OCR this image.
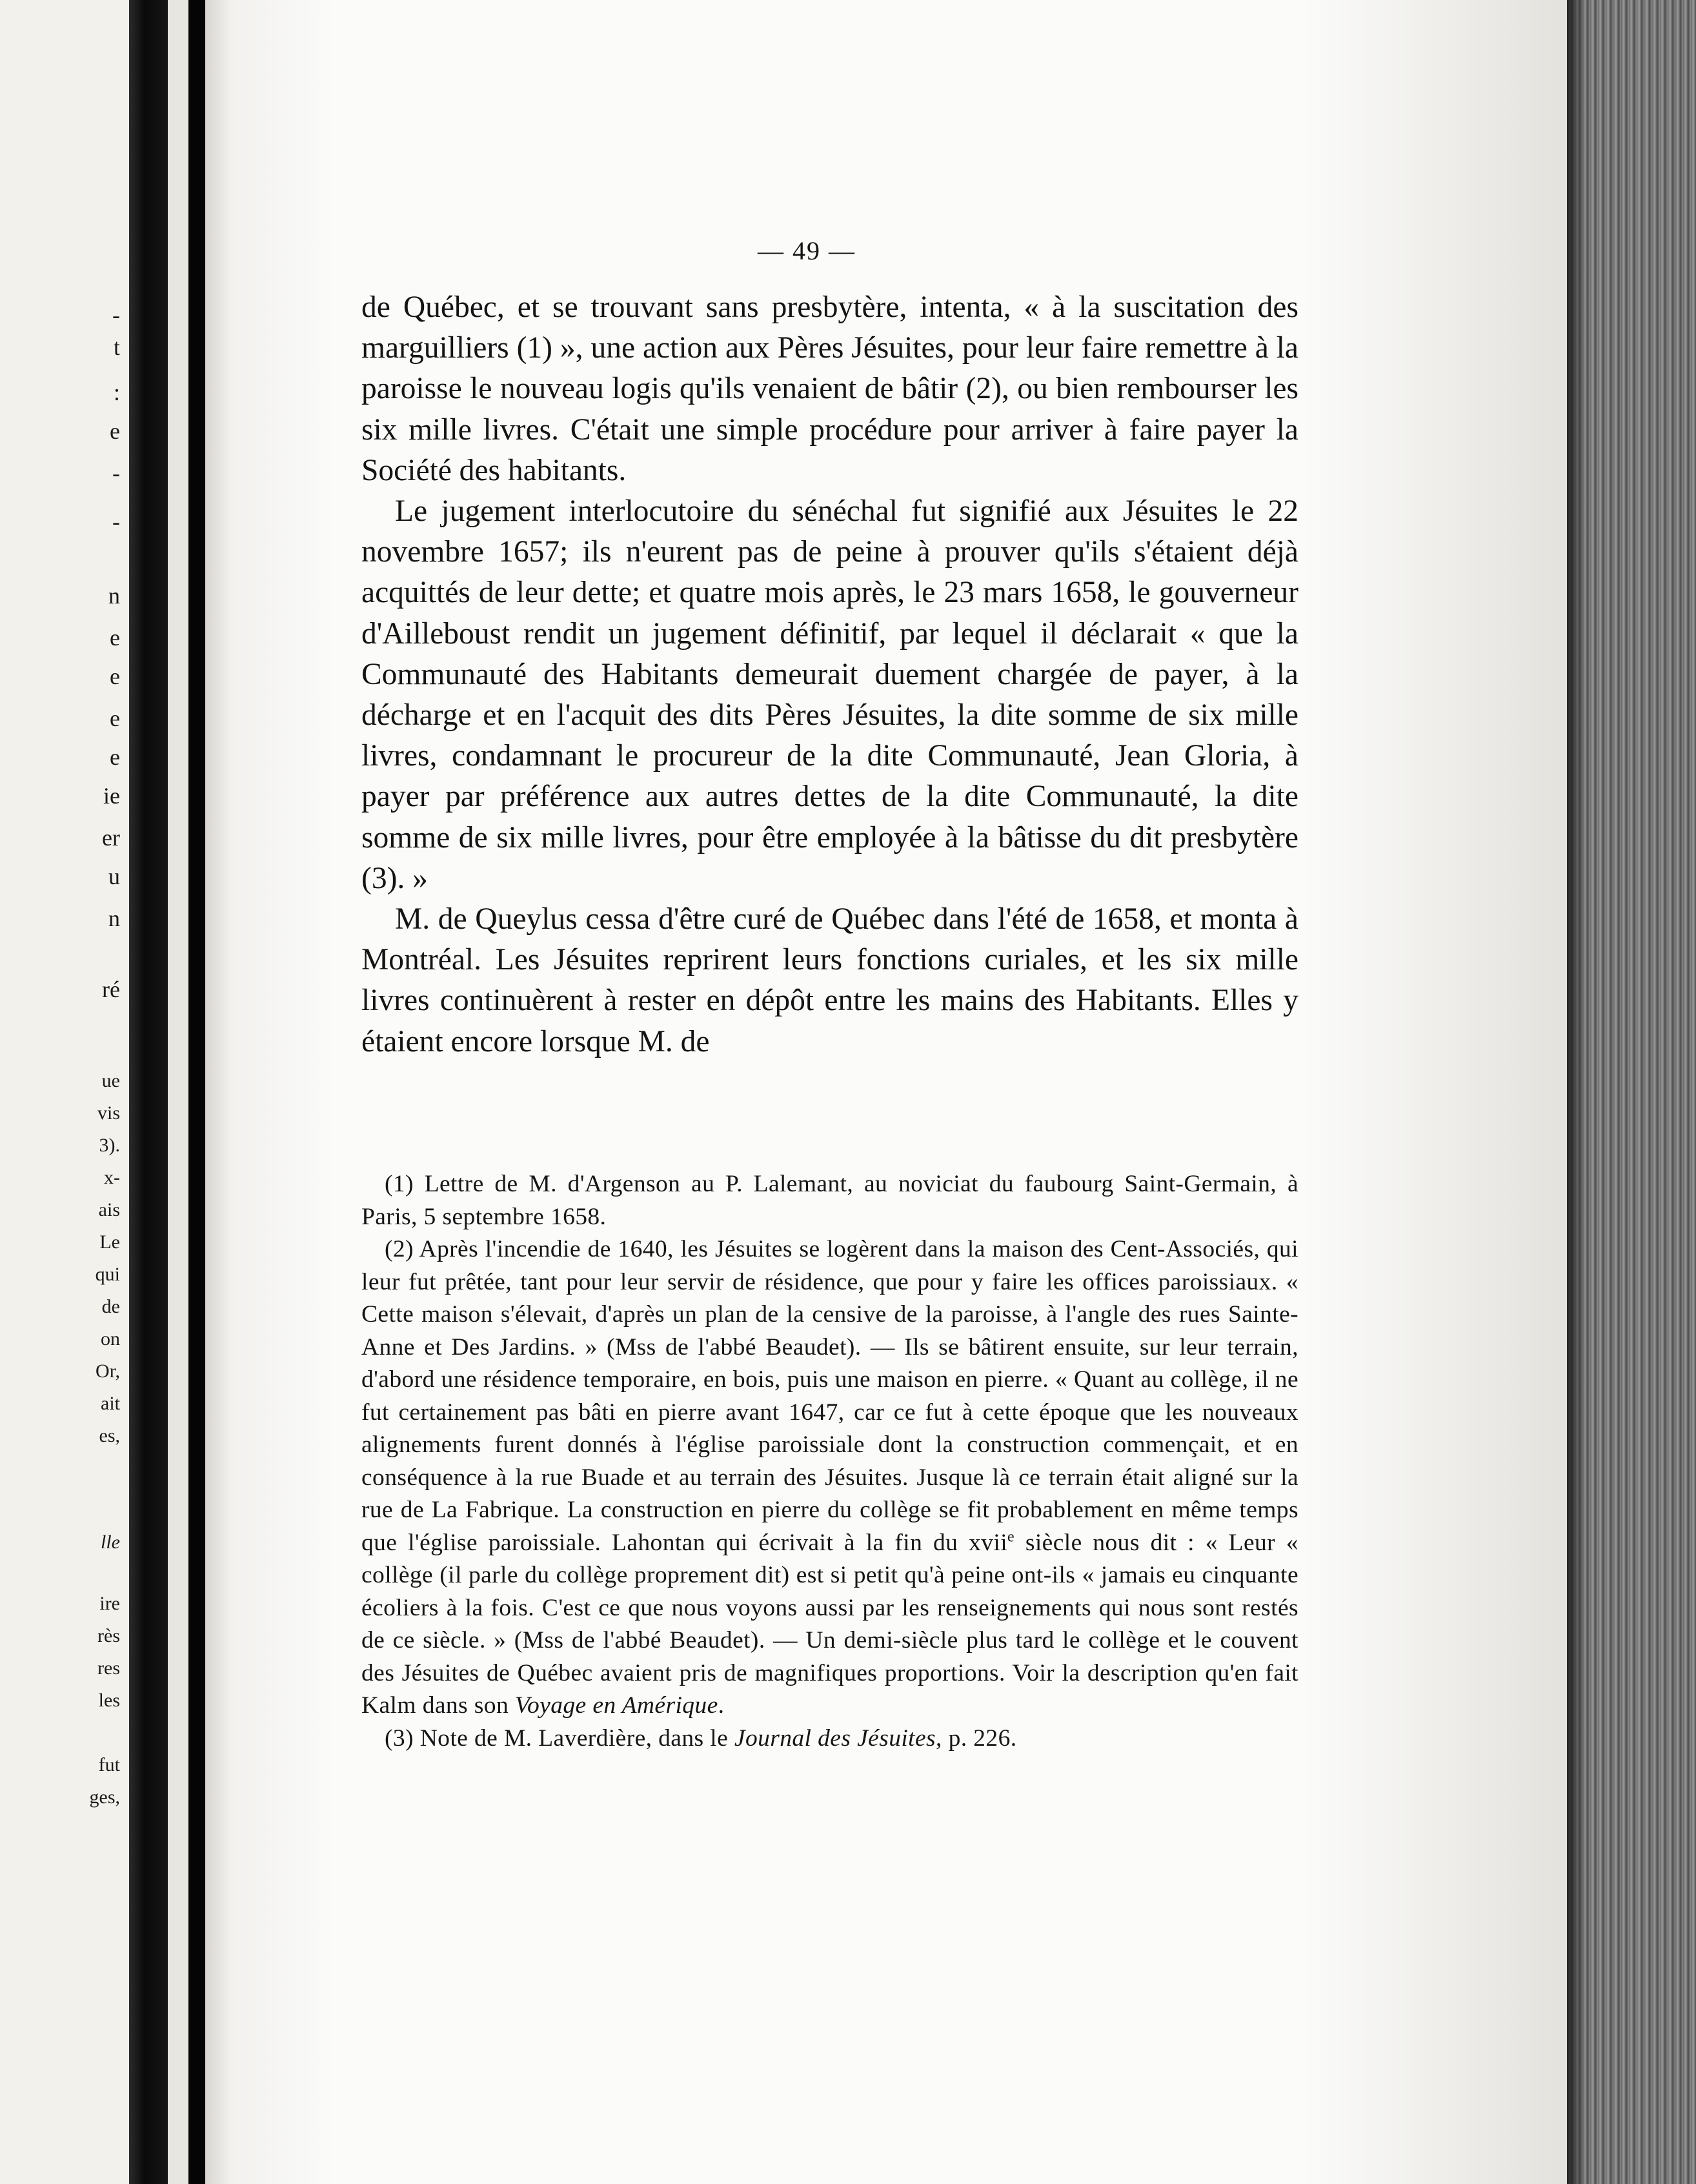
-
t
:
e
-
-
n
e
e
e
e
ie
er
u
n
ré
ue
vis
3).
x-
ais
Le
qui
de
on
Or,
ait
es,
lle
ire
rès
res
les
fut
ges,
— 49 —

de Québec, et se trouvant sans presbytère, intenta, « à la suscitation des marguilliers (1) », une action aux Pères Jésuites, pour leur faire remettre à la paroisse le nouveau logis qu'ils venaient de bâtir (2), ou bien rembourser les six mille livres. C'était une simple procédure pour arriver à faire payer la Société des habitants.

Le jugement interlocutoire du sénéchal fut signifié aux Jésuites le 22 novembre 1657; ils n'eurent pas de peine à prouver qu'ils s'étaient déjà acquittés de leur dette; et quatre mois après, le 23 mars 1658, le gouverneur d'Ailleboust rendit un jugement définitif, par lequel il déclarait « que la Communauté des Habitants demeurait duement chargée de payer, à la décharge et en l'acquit des dits Pères Jésuites, la dite somme de six mille livres, condamnant le procureur de la dite Communauté, Jean Gloria, à payer par préférence aux autres dettes de la dite Communauté, la dite somme de six mille livres, pour être employée à la bâtisse du dit presbytère (3). »

M. de Queylus cessa d'être curé de Québec dans l'été de 1658, et monta à Montréal. Les Jésuites reprirent leurs fonctions curiales, et les six mille livres continuèrent à rester en dépôt entre les mains des Habitants. Elles y étaient encore lorsque M. de

(1) Lettre de M. d'Argenson au P. Lalemant, au noviciat du faubourg Saint-Germain, à Paris, 5 septembre 1658.

(2) Après l'incendie de 1640, les Jésuites se logèrent dans la maison des Cent-Associés, qui leur fut prêtée, tant pour leur servir de résidence, que pour y faire les offices paroissiaux. « Cette maison s'élevait, d'après un plan de la censive de la paroisse, à l'angle des rues Sainte-Anne et Des Jardins. » (Mss de l'abbé Beaudet). — Ils se bâtirent ensuite, sur leur terrain, d'abord une résidence temporaire, en bois, puis une maison en pierre. « Quant au collège, il ne fut certainement pas bâti en pierre avant 1647, car ce fut à cette époque que les nouveaux alignements furent donnés à l'église paroissiale dont la construction commençait, et en conséquence à la rue Buade et au terrain des Jésuites. Jusque là ce terrain était aligné sur la rue de La Fabrique. La construction en pierre du collège se fit probablement en même temps que l'église paroissiale. Lahontan qui écrivait à la fin du xvii$^e$ siècle nous dit : « Leur « collège (il parle du collège proprement dit) est si petit qu'à peine ont-ils « jamais eu cinquante écoliers à la fois. C'est ce que nous voyons aussi par les renseignements qui nous sont restés de ce siècle. » (Mss de l'abbé Beaudet). — Un demi-siècle plus tard le collège et le couvent des Jésuites de Québec avaient pris de magnifiques proportions. Voir la description qu'en fait Kalm dans son Voyage en Amérique.

(3) Note de M. Laverdière, dans le Journal des Jésuites, p. 226.
